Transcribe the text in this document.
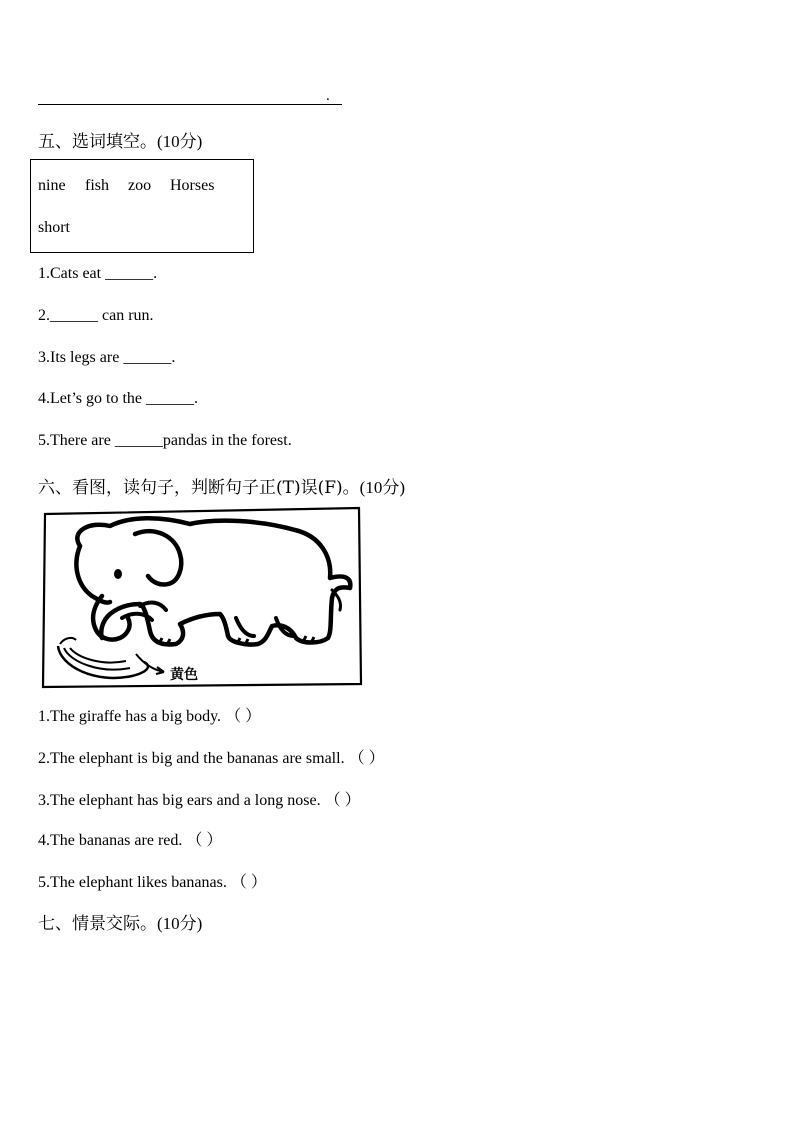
.
五、选词填空。(10分)
nine fish zoo Horses
short
1.Cats eat ______.
2.______ can run.
3.Its legs are ______.
4.Let’s go to the ______.
5.There are ______pandas in the forest.
六、看图，读句子，判断句子正(T)误(F)。(10分)
黄色
1.The giraffe has a big body. （ ）
2.The elephant is big and the bananas are small. （ ）
3.The elephant has big ears and a long nose. （ ）
4.The bananas are red. （ ）
5.The elephant likes bananas. （ ）
七、情景交际。(10分)
